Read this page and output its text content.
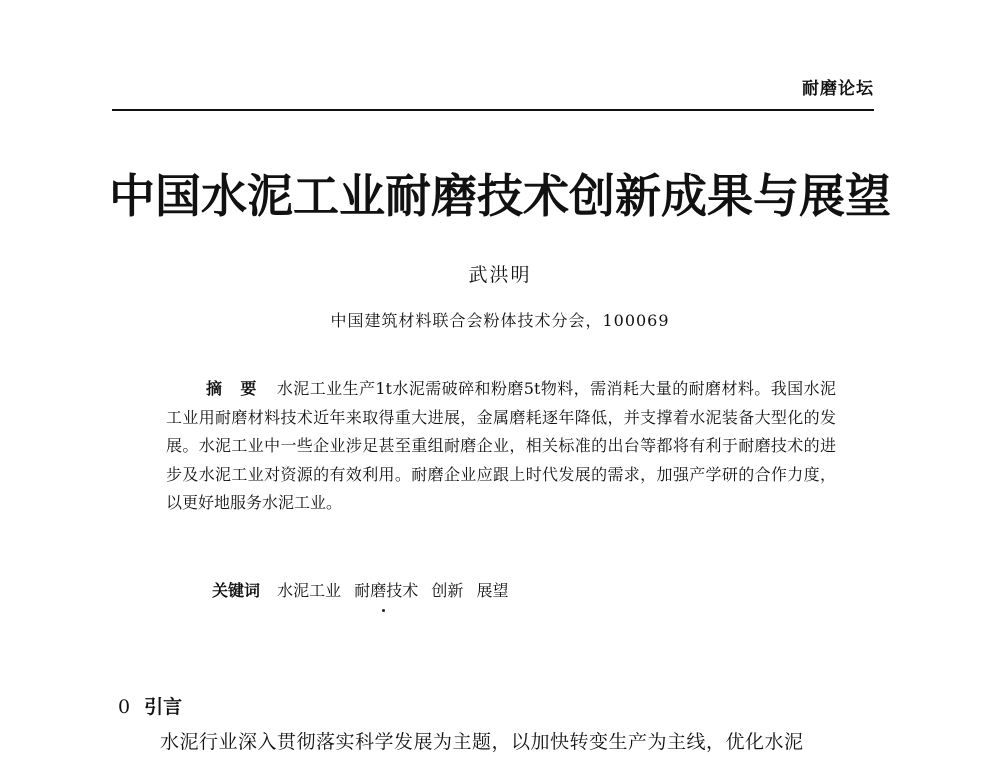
耐磨论坛
中国水泥工业耐磨技术创新成果与展望
武洪明
中国建筑材料联合会粉体技术分会，100069
摘 要 水泥工业生产1t水泥需破碎和粉磨5t物料，需消耗大量的耐磨材料。我国水泥工业用耐磨材料技术近年来取得重大进展，金属磨耗逐年降低，并支撑着水泥装备大型化的发展。水泥工业中一些企业涉足甚至重组耐磨企业，相关标准的出台等都将有利于耐磨技术的进步及水泥工业对资源的有效利用。耐磨企业应跟上时代发展的需求，加强产学研的合作力度，以更好地服务水泥工业。
关键词 水泥工业 耐磨技术 创新 展望
0 引言
水泥行业深入贯彻落实科学发展为主题，以加快转变生产为主线，优化水泥
